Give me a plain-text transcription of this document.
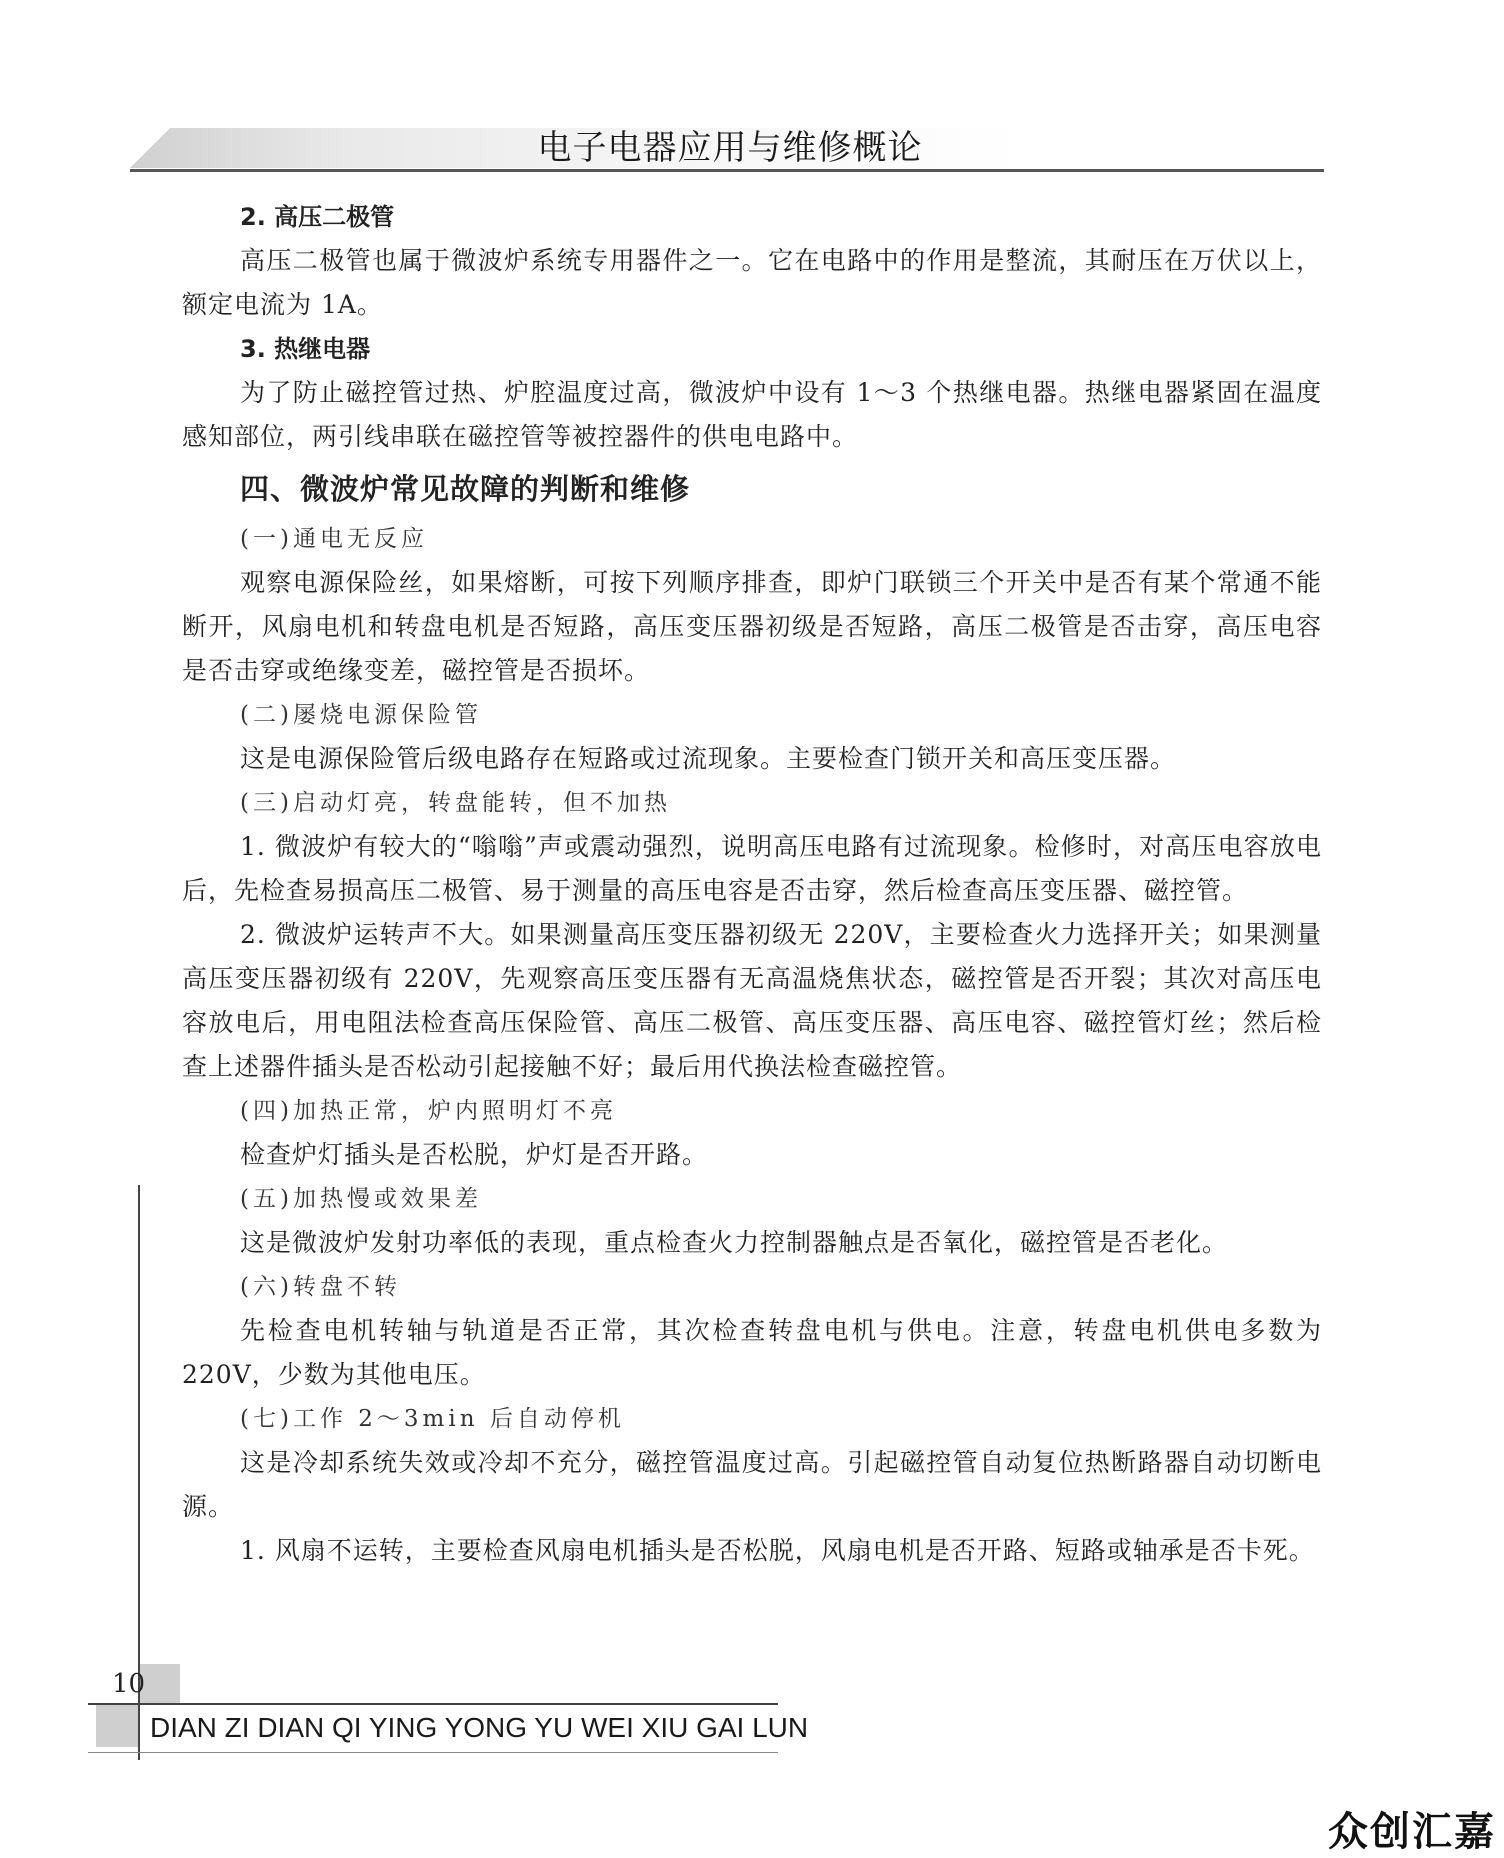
电子电器应用与维修概论

2. 高压二极管

高压二极管也属于微波炉系统专用器件之一。它在电路中的作用是整流，其耐压在万伏以上，额定电流为 1A。

3. 热继电器

为了防止磁控管过热、炉腔温度过高，微波炉中设有 1～3 个热继电器。热继电器紧固在温度感知部位，两引线串联在磁控管等被控器件的供电电路中。

四、微波炉常见故障的判断和维修

(一)通电无反应

观察电源保险丝，如果熔断，可按下列顺序排查，即炉门联锁三个开关中是否有某个常通不能断开，风扇电机和转盘电机是否短路，高压变压器初级是否短路，高压二极管是否击穿，高压电容是否击穿或绝缘变差，磁控管是否损坏。

(二)屡烧电源保险管

这是电源保险管后级电路存在短路或过流现象。主要检查门锁开关和高压变压器。

(三)启动灯亮，转盘能转，但不加热

1. 微波炉有较大的“嗡嗡”声或震动强烈，说明高压电路有过流现象。检修时，对高压电容放电后，先检查易损高压二极管、易于测量的高压电容是否击穿，然后检查高压变压器、磁控管。

2. 微波炉运转声不大。如果测量高压变压器初级无 220V，主要检查火力选择开关；如果测量高压变压器初级有 220V，先观察高压变压器有无高温烧焦状态，磁控管是否开裂；其次对高压电容放电后，用电阻法检查高压保险管、高压二极管、高压变压器、高压电容、磁控管灯丝；然后检查上述器件插头是否松动引起接触不好；最后用代换法检查磁控管。

(四)加热正常，炉内照明灯不亮

检查炉灯插头是否松脱，炉灯是否开路。

(五)加热慢或效果差

这是微波炉发射功率低的表现，重点检查火力控制器触点是否氧化，磁控管是否老化。

(六)转盘不转

先检查电机转轴与轨道是否正常，其次检查转盘电机与供电。注意，转盘电机供电多数为 220V，少数为其他电压。

(七)工作 2～3min 后自动停机

这是冷却系统失效或冷却不充分，磁控管温度过高。引起磁控管自动复位热断路器自动切断电源。

1. 风扇不运转，主要检查风扇电机插头是否松脱，风扇电机是否开路、短路或轴承是否卡死。

10
DIAN ZI DIAN QI YING YONG YU WEI XIU GAI LUN
众创汇嘉
